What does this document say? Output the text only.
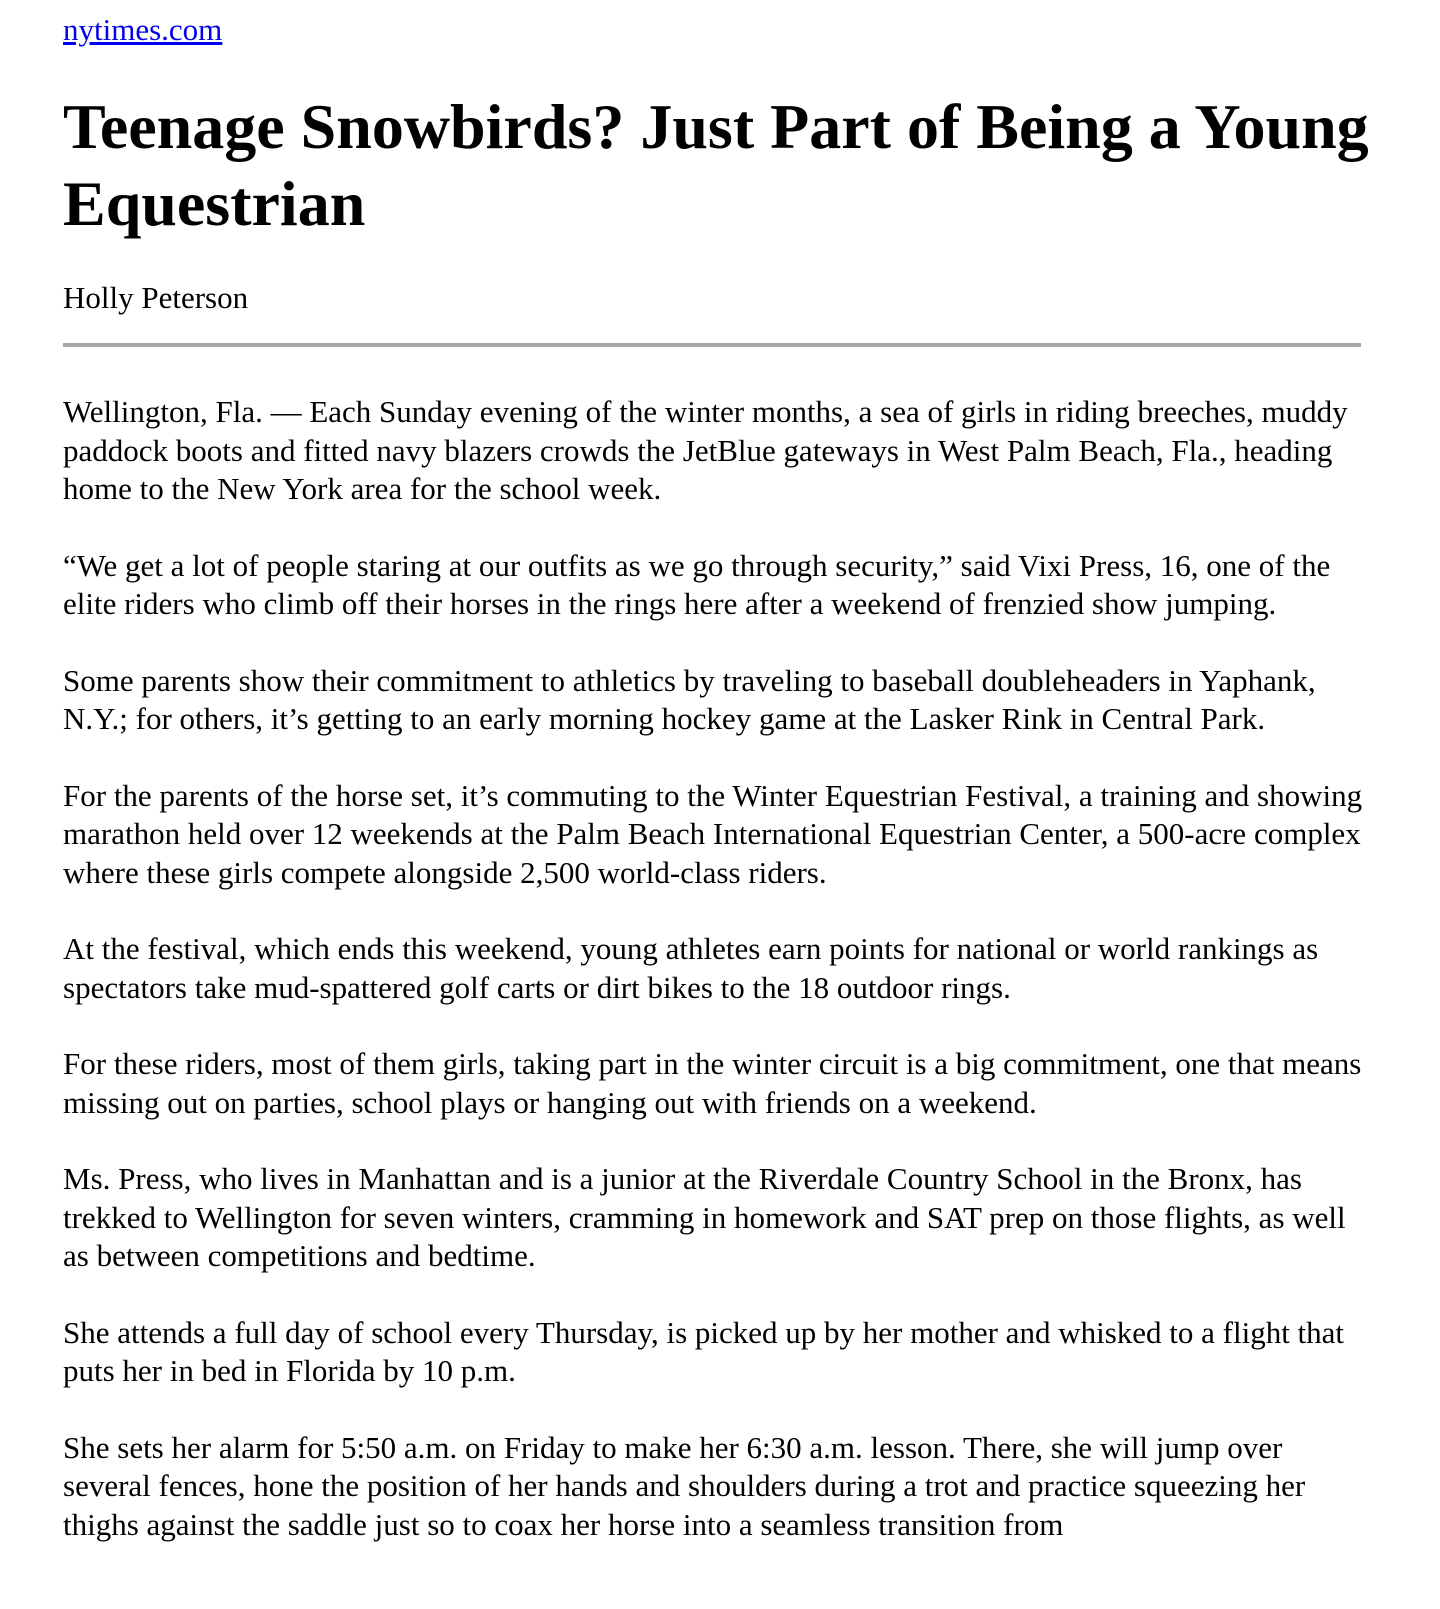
nytimes.com
Teenage Snowbirds? Just Part of Being a Young Equestrian
Holly Peterson

Wellington, Fla. — Each Sunday evening of the winter months, a sea of girls in riding breeches, muddy paddock boots and fitted navy blazers crowds the JetBlue gateways in West Palm Beach, Fla., heading home to the New York area for the school week.

“We get a lot of people staring at our outfits as we go through security,” said Vixi Press, 16, one of the elite riders who climb off their horses in the rings here after a weekend of frenzied show jumping.

Some parents show their commitment to athletics by traveling to baseball doubleheaders in Yaphank, N.Y.; for others, it’s getting to an early morning hockey game at the Lasker Rink in Central Park.

For the parents of the horse set, it’s commuting to the Winter Equestrian Festival, a training and showing marathon held over 12 weekends at the Palm Beach International Equestrian Center, a 500-acre complex where these girls compete alongside 2,500 world-class riders.

At the festival, which ends this weekend, young athletes earn points for national or world rankings as spectators take mud-spattered golf carts or dirt bikes to the 18 outdoor rings.

For these riders, most of them girls, taking part in the winter circuit is a big commitment, one that means missing out on parties, school plays or hanging out with friends on a weekend.

Ms. Press, who lives in Manhattan and is a junior at the Riverdale Country School in the Bronx, has trekked to Wellington for seven winters, cramming in homework and SAT prep on those flights, as well as between competitions and bedtime.

She attends a full day of school every Thursday, is picked up by her mother and whisked to a flight that puts her in bed in Florida by 10 p.m.

She sets her alarm for 5:50 a.m. on Friday to make her 6:30 a.m. lesson. There, she will jump over several fences, hone the position of her hands and shoulders during a trot and practice squeezing her thighs against the saddle just so to coax her horse into a seamless transition from
